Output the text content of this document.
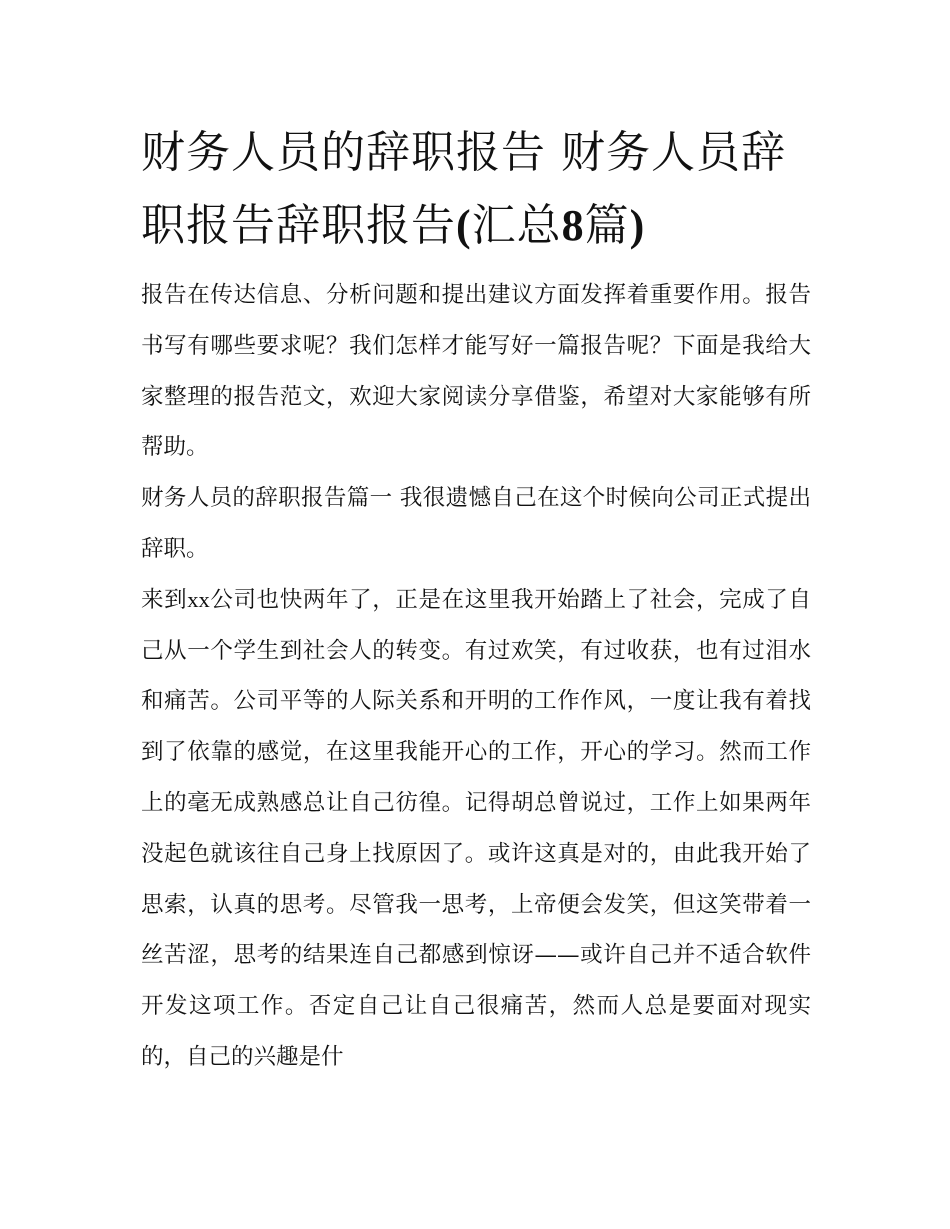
财务人员的辞职报告 财务人员辞职报告辞职报告(汇总8篇)

报告在传达信息、分析问题和提出建议方面发挥着重要作用。报告书写有哪些要求呢？我们怎样才能写好一篇报告呢？下面是我给大家整理的报告范文，欢迎大家阅读分享借鉴，希望对大家能够有所帮助。

财务人员的辞职报告篇一 我很遗憾自己在这个时候向公司正式提出辞职。

来到xx公司也快两年了，正是在这里我开始踏上了社会，完成了自己从一个学生到社会人的转变。有过欢笑，有过收获，也有过泪水和痛苦。公司平等的人际关系和开明的工作作风，一度让我有着找到了依靠的感觉，在这里我能开心的工作，开心的学习。然而工作上的毫无成熟感总让自己彷徨。记得胡总曾说过，工作上如果两年没起色就该往自己身上找原因了。或许这真是对的，由此我开始了思索，认真的思考。尽管我一思考，上帝便会发笑，但这笑带着一丝苦涩，思考的结果连自己都感到惊讶——或许自己并不适合软件开发这项工作。否定自己让自己很痛苦，然而人总是要面对现实的，自己的兴趣是什
